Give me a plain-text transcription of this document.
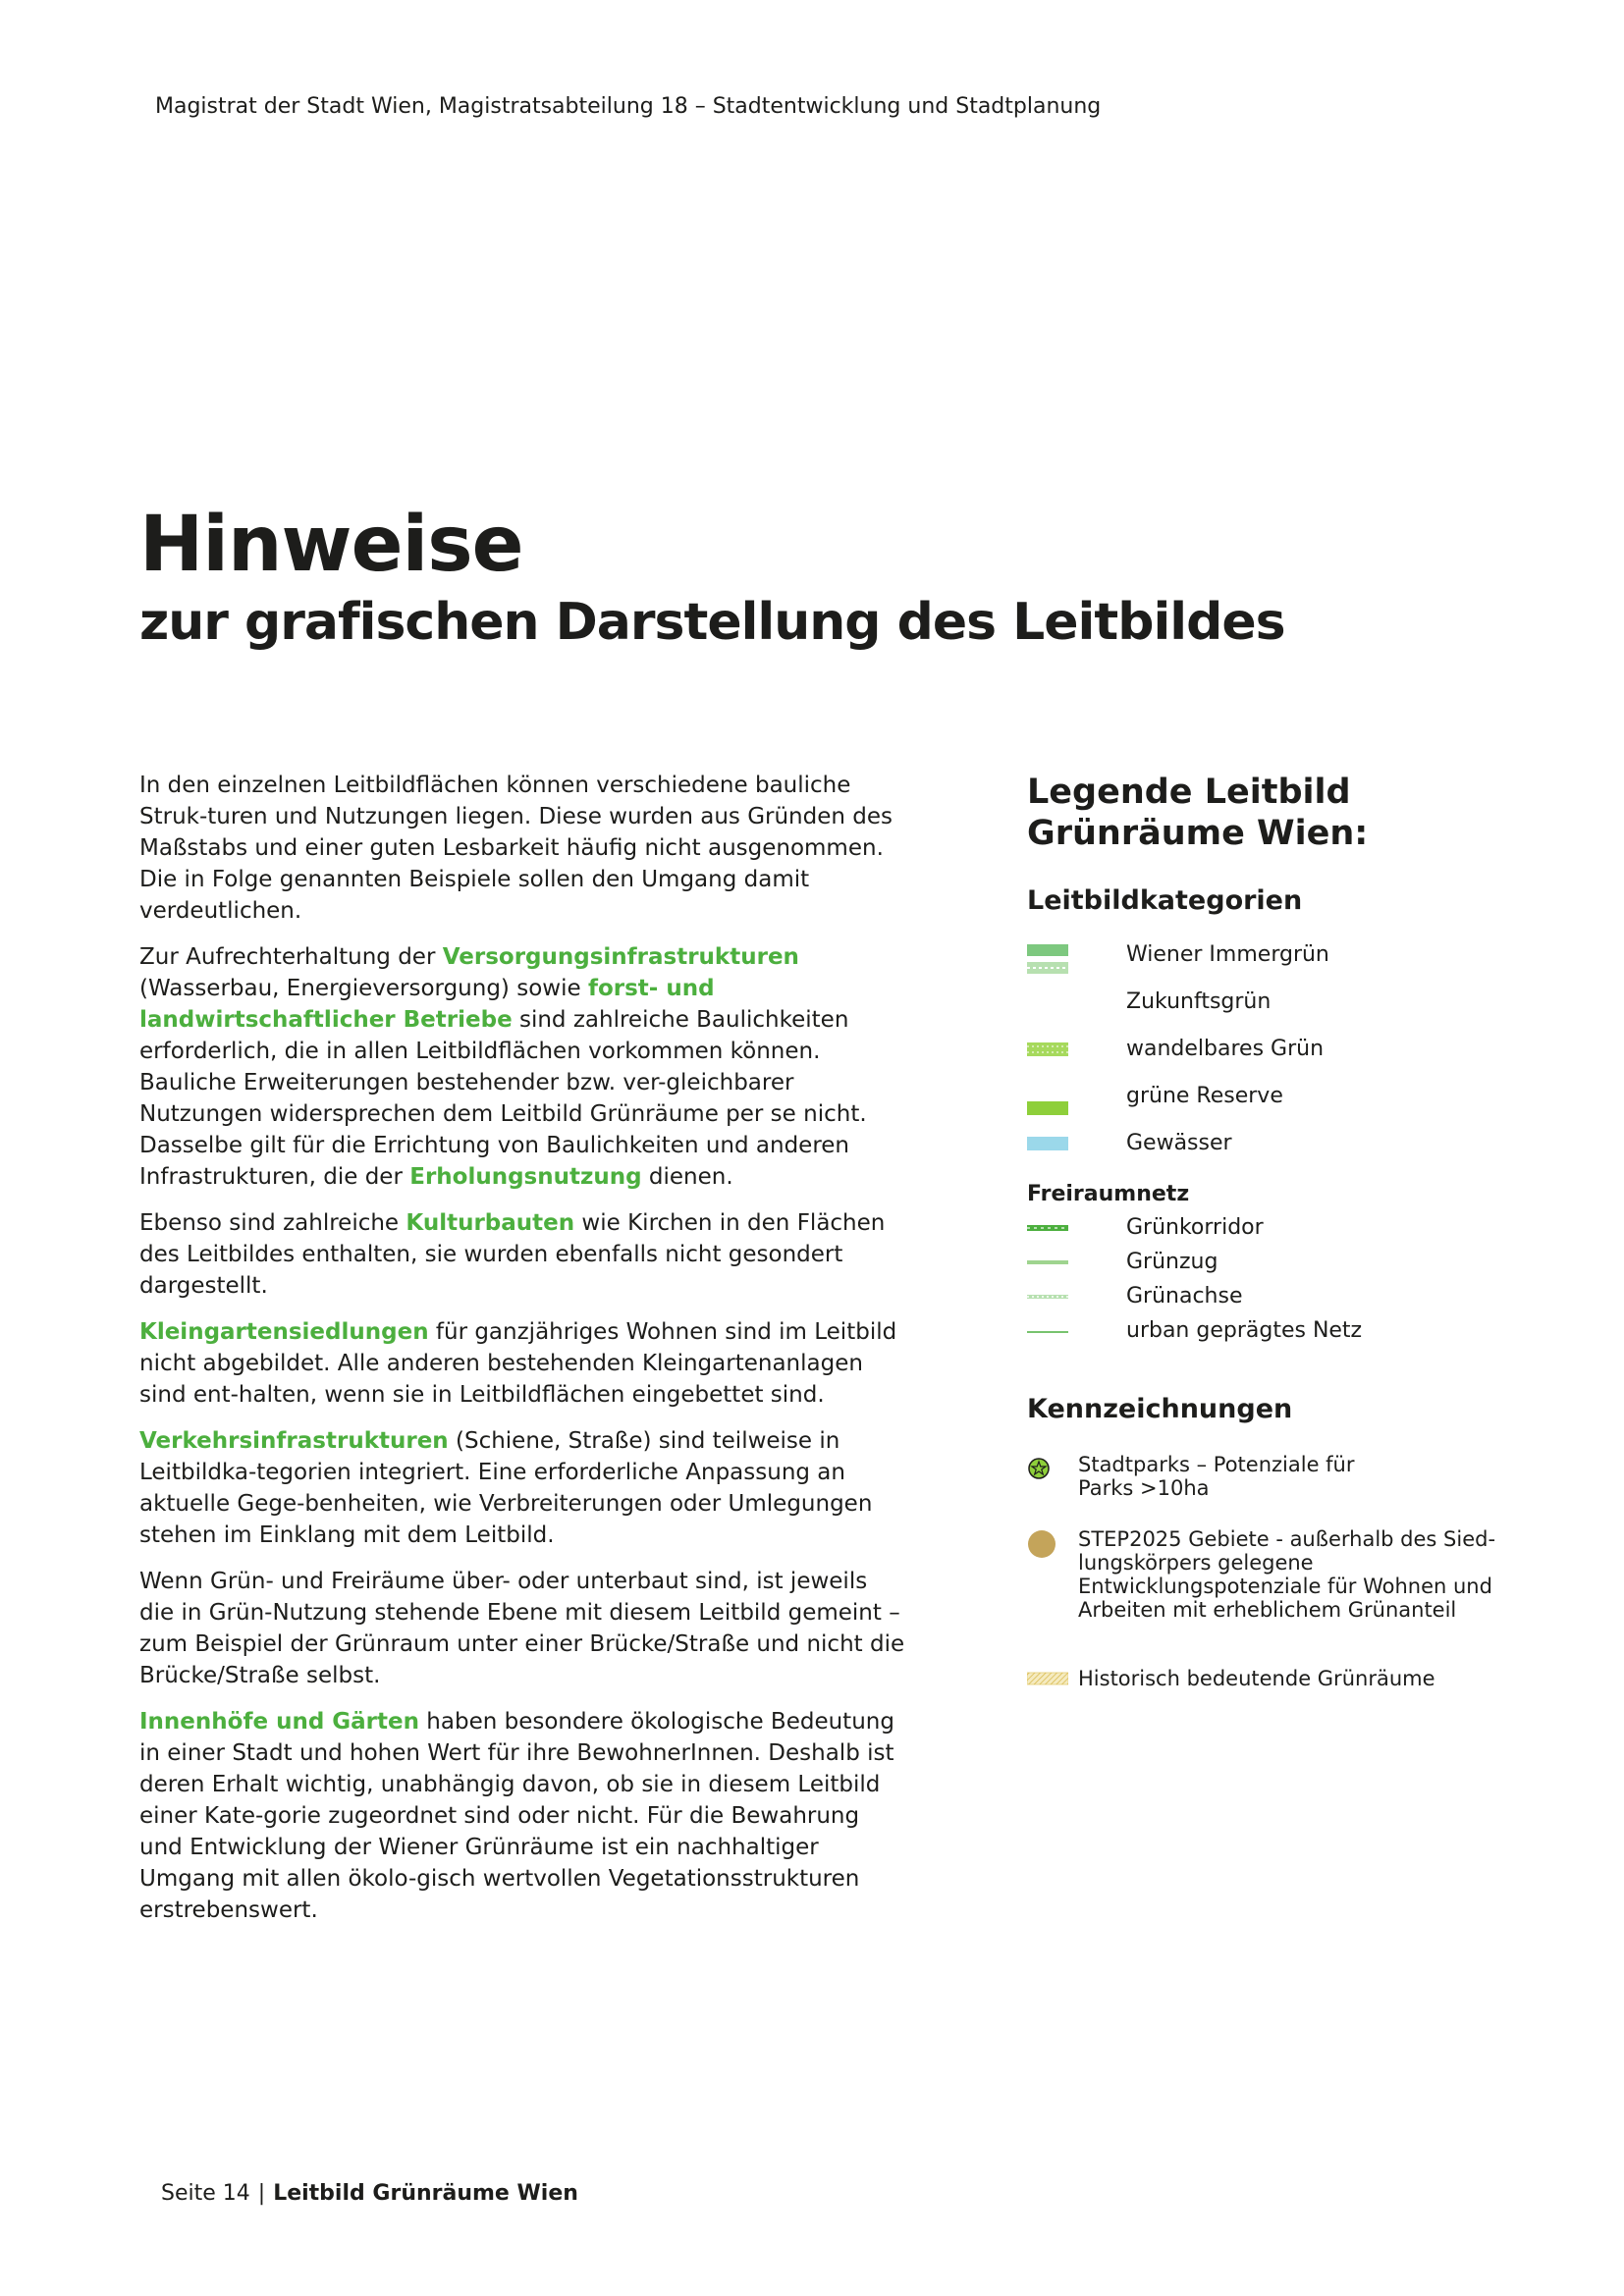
Magistrat der Stadt Wien, Magistratsabteilung 18 – Stadtentwicklung und Stadtplanung
Hinweise
zur grafischen Darstellung des Leitbildes

In den einzelnen Leitbildflächen können verschiedene bauliche Struk-turen und Nutzungen liegen. Diese wurden aus Gründen des Maßstabs und einer guten Lesbarkeit häufig nicht ausgenommen. Die in Folge genannten Beispiele sollen den Umgang damit verdeutlichen.

Zur Aufrechterhaltung der Versorgungsinfrastrukturen (Wasserbau, Energieversorgung) sowie forst- und landwirtschaftlicher Betriebe sind zahlreiche Baulichkeiten erforderlich, die in allen Leitbildflächen vorkommen können. Bauliche Erweiterungen bestehender bzw. ver-gleichbarer Nutzungen widersprechen dem Leitbild Grünräume per se nicht. Dasselbe gilt für die Errichtung von Baulichkeiten und anderen Infrastrukturen, die der Erholungsnutzung dienen.

Ebenso sind zahlreiche Kulturbauten wie Kirchen in den Flächen des Leitbildes enthalten, sie wurden ebenfalls nicht gesondert dargestellt.

Kleingartensiedlungen für ganzjähriges Wohnen sind im Leitbild nicht abgebildet. Alle anderen bestehenden Kleingartenanlagen sind ent-halten, wenn sie in Leitbildflächen eingebettet sind.

Verkehrsinfrastrukturen (Schiene, Straße) sind teilweise in Leitbildka-tegorien integriert. Eine erforderliche Anpassung an aktuelle Gege-benheiten, wie Verbreiterungen oder Umlegungen stehen im Einklang mit dem Leitbild.

Wenn Grün- und Freiräume über- oder unterbaut sind, ist jeweils die in Grün-Nutzung stehende Ebene mit diesem Leitbild gemeint – zum Beispiel der Grünraum unter einer Brücke/Straße und nicht die Brücke/Straße selbst.

Innenhöfe und Gärten haben besondere ökologische Bedeutung in einer Stadt und hohen Wert für ihre BewohnerInnen. Deshalb ist deren Erhalt wichtig, unabhängig davon, ob sie in diesem Leitbild einer Kate-gorie zugeordnet sind oder nicht. Für die Bewahrung und Entwicklung der Wiener Grünräume ist ein nachhaltiger Umgang mit allen ökolo-gisch wertvollen Vegetationsstrukturen erstrebenswert.

Legende Leitbild Grünräume Wien:
Leitbildkategorien
Wiener Immergrün
Zukunftsgrün
wandelbares Grün
grüne Reserve
Gewässer
Freiraumnetz
Grünkorridor
Grünzug
Grünachse
urban geprägtes Netz
Kennzeichnungen
Stadtparks – Potenziale für Parks >10ha
STEP2025 Gebiete - außerhalb des Sied-lungskörpers gelegene Entwicklungspotenziale für Wohnen und Arbeiten mit erheblichem Grünanteil
Historisch bedeutende Grünräume
Seite 14 | Leitbild Grünräume Wien
